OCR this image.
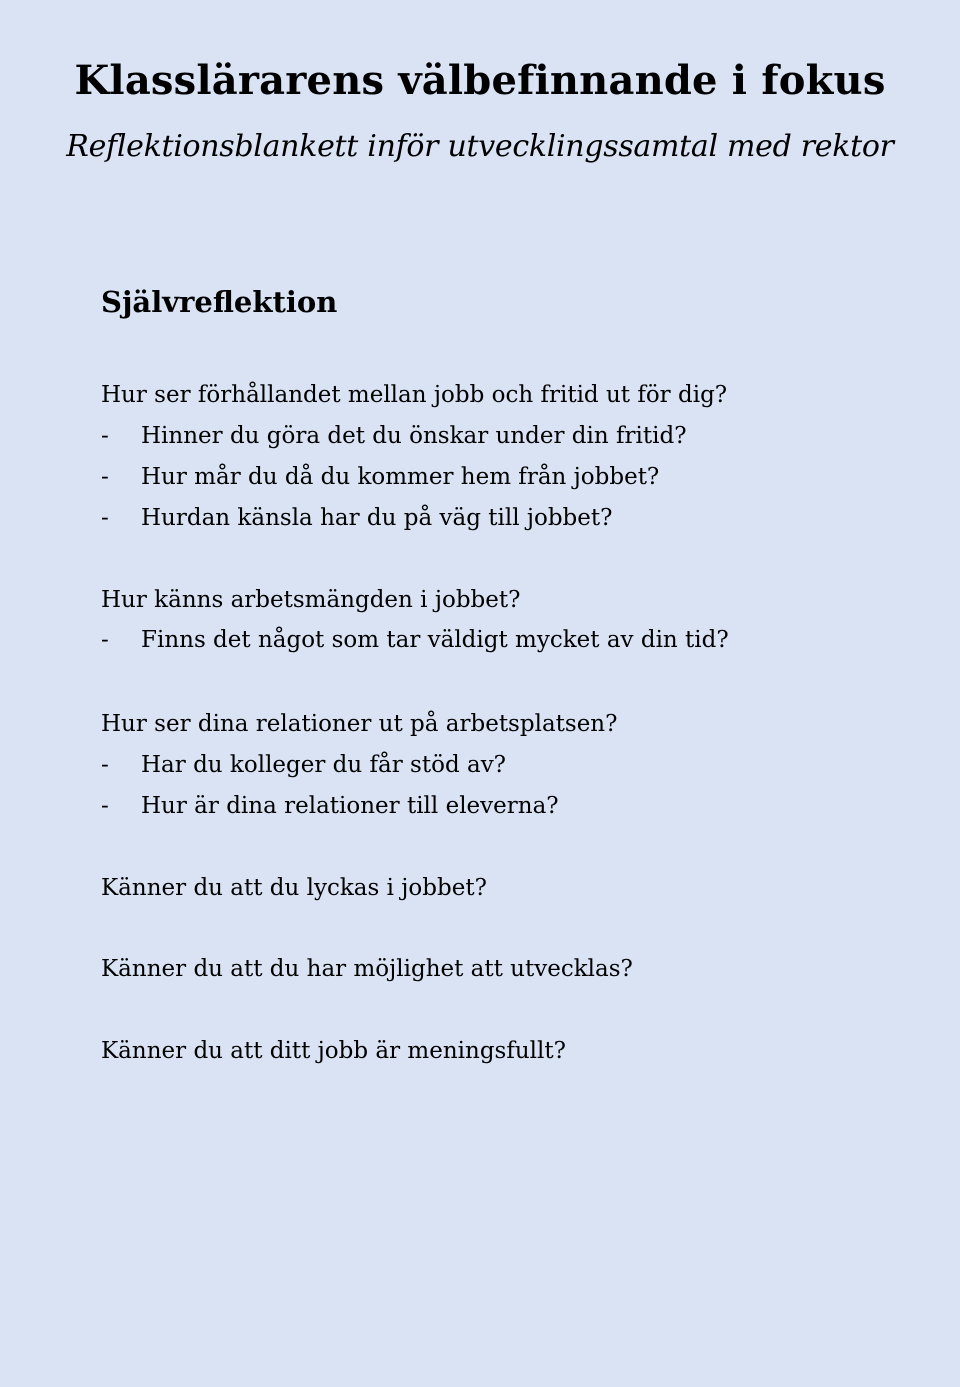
Klasslärarens välbefinnande i fokus

Reflektionsblankett inför utvecklingssamtal med rektor

Självreflektion
Hur ser förhållandet mellan jobb och fritid ut för dig?
- Hinner du göra det du önskar under din fritid?
- Hur mår du då du kommer hem från jobbet?
- Hurdan känsla har du på väg till jobbet?
Hur känns arbetsmängden i jobbet?
- Finns det något som tar väldigt mycket av din tid?
Hur ser dina relationer ut på arbetsplatsen?
- Har du kolleger du får stöd av?
- Hur är dina relationer till eleverna?
Känner du att du lyckas i jobbet?
Känner du att du har möjlighet att utvecklas?
Känner du att ditt jobb är meningsfullt?
